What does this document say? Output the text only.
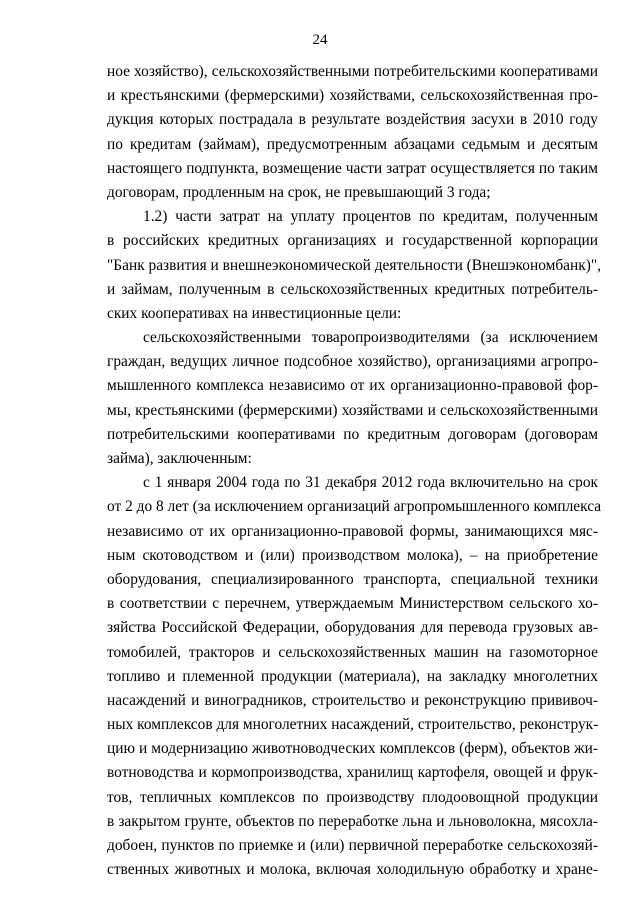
24
ное хозяйство), сельскохозяйственными потребительскими кооперативами
и крестьянскими (фермерскими) хозяйствами, сельскохозяйственная про-
дукция которых пострадала в результате воздействия засухи в 2010 году
по кредитам (займам), предусмотренным абзацами седьмым и десятым
настоящего подпункта, возмещение части затрат осуществляется по таким
договорам, продленным на срок, не превышающий 3 года;
1.2) части затрат на уплату процентов по кредитам, полученным
в российских кредитных организациях и государственной корпорации
"Банк развития и внешнеэкономической деятельности (Внешэкономбанк)",
и займам, полученным в сельскохозяйственных кредитных потребитель-
ских кооперативах на инвестиционные цели:
сельскохозяйственными товаропроизводителями (за исключением
граждан, ведущих личное подсобное хозяйство), организациями агропро-
мышленного комплекса независимо от их организационно-правовой фор-
мы, крестьянскими (фермерскими) хозяйствами и сельскохозяйственными
потребительскими кооперативами по кредитным договорам (договорам
займа), заключенным:
с 1 января 2004 года по 31 декабря 2012 года включительно на срок
от 2 до 8 лет (за исключением организаций агропромышленного комплекса
независимо от их организационно-правовой формы, занимающихся мяс-
ным скотоводством и (или) производством молока), – на приобретение
оборудования, специализированного транспорта, специальной техники
в соответствии с перечнем, утверждаемым Министерством сельского хо-
зяйства Российской Федерации, оборудования для перевода грузовых ав-
томобилей, тракторов и сельскохозяйственных машин на газомоторное
топливо и племенной продукции (материала), на закладку многолетних
насаждений и виноградников, строительство и реконструкцию прививоч-
ных комплексов для многолетних насаждений, строительство, реконструк-
цию и модернизацию животноводческих комплексов (ферм), объектов жи-
вотноводства и кормопроизводства, хранилищ картофеля, овощей и фрук-
тов, тепличных комплексов по производству плодоовощной продукции
в закрытом грунте, объектов по переработке льна и льноволокна, мясохла-
добоен, пунктов по приемке и (или) первичной переработке сельскохозяй-
ственных животных и молока, включая холодильную обработку и хране-
